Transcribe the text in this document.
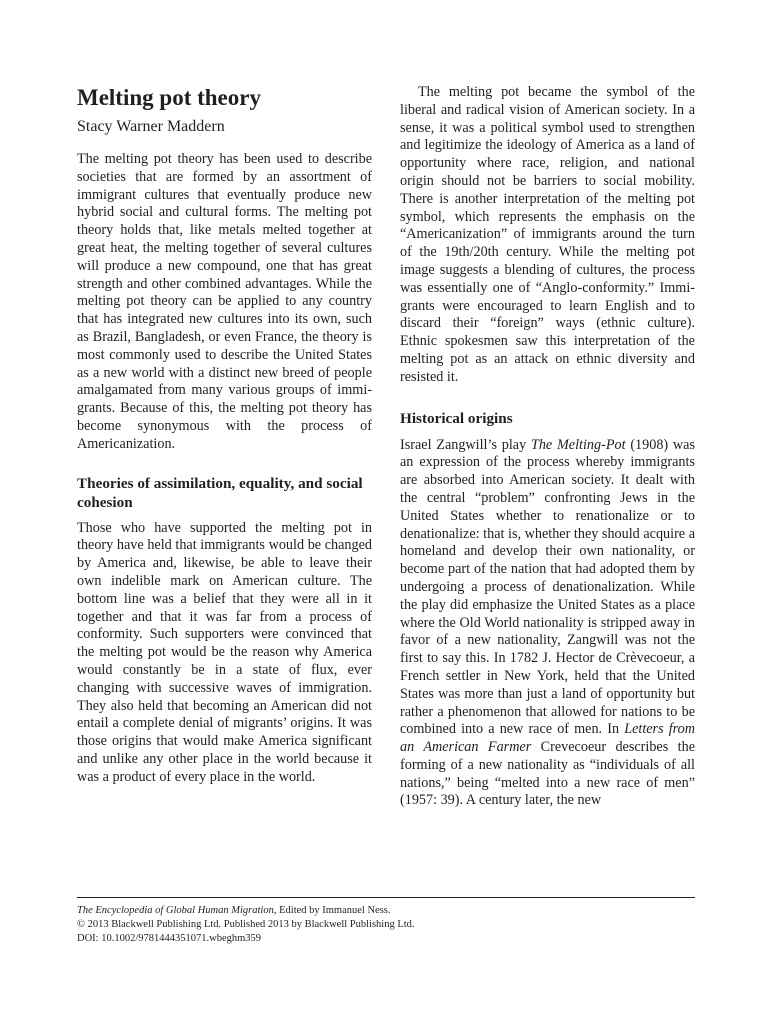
Melting pot theory
Stacy Warner Maddern

The melting pot theory has been used to describe societies that are formed by an assortment of immigrant cultures that eventually produce new hybrid social and cultural forms. The melting pot theory holds that, like metals melted together at great heat, the melting together of several cultures will produce a new compound, one that has great strength and other combined advantages. While the melting pot theory can be applied to any country that has integrated new cultures into its own, such as Brazil, Bangladesh, or even France, the theory is most commonly used to describe the United States as a new world with a distinct new breed of people amalgamated from many various groups of immigrants. Because of this, the melting pot theory has become synonymous with the process of Americanization.

Theories of assimilation, equality, and social cohesion

Those who have supported the melting pot in theory have held that immigrants would be changed by America and, likewise, be able to leave their own indelible mark on American culture. The bottom line was a belief that they were all in it together and that it was far from a process of conformity. Such supporters were convinced that the melting pot would be the reason why America would constantly be in a state of flux, ever changing with successive waves of immigration. They also held that becoming an American did not entail a complete denial of migrants’ origins. It was those origins that would make America significant and unlike any other place in the world because it was a product of every place in the world.

The melting pot became the symbol of the liberal and radical vision of American society. In a sense, it was a political symbol used to strengthen and legitimize the ideology of America as a land of opportunity where race, religion, and national origin should not be barriers to social mobility. There is another interpretation of the melting pot symbol, which represents the emphasis on the “Americanization” of immigrants around the turn of the 19th/20th century. While the melting pot image suggests a blending of cultures, the process was essentially one of “Anglo-conformity.” Immigrants were encouraged to learn English and to discard their “foreign” ways (ethnic culture). Ethnic spokesmen saw this interpretation of the melting pot as an attack on ethnic diversity and resisted it.

Historical origins

Israel Zangwill’s play The Melting-Pot (1908) was an expression of the process whereby immigrants are absorbed into American society. It dealt with the central “problem” confronting Jews in the United States whether to renationalize or to denationalize: that is, whether they should acquire a homeland and develop their own nationality, or become part of the nation that had adopted them by undergoing a process of denationalization. While the play did emphasize the United States as a place where the Old World nationality is stripped away in favor of a new nationality, Zangwill was not the first to say this. In 1782 J. Hector de Crèvecoeur, a French settler in New York, held that the United States was more than just a land of opportunity but rather a phenomenon that allowed for nations to be combined into a new race of men. In Letters from an American Farmer Crevecoeur describes the forming of a new nationality as “individuals of all nations,” being “melted into a new race of men” (1957: 39). A century later, the new

The Encyclopedia of Global Human Migration, Edited by Immanuel Ness.
© 2013 Blackwell Publishing Ltd. Published 2013 by Blackwell Publishing Ltd.
DOI: 10.1002/9781444351071.wbeghm359
